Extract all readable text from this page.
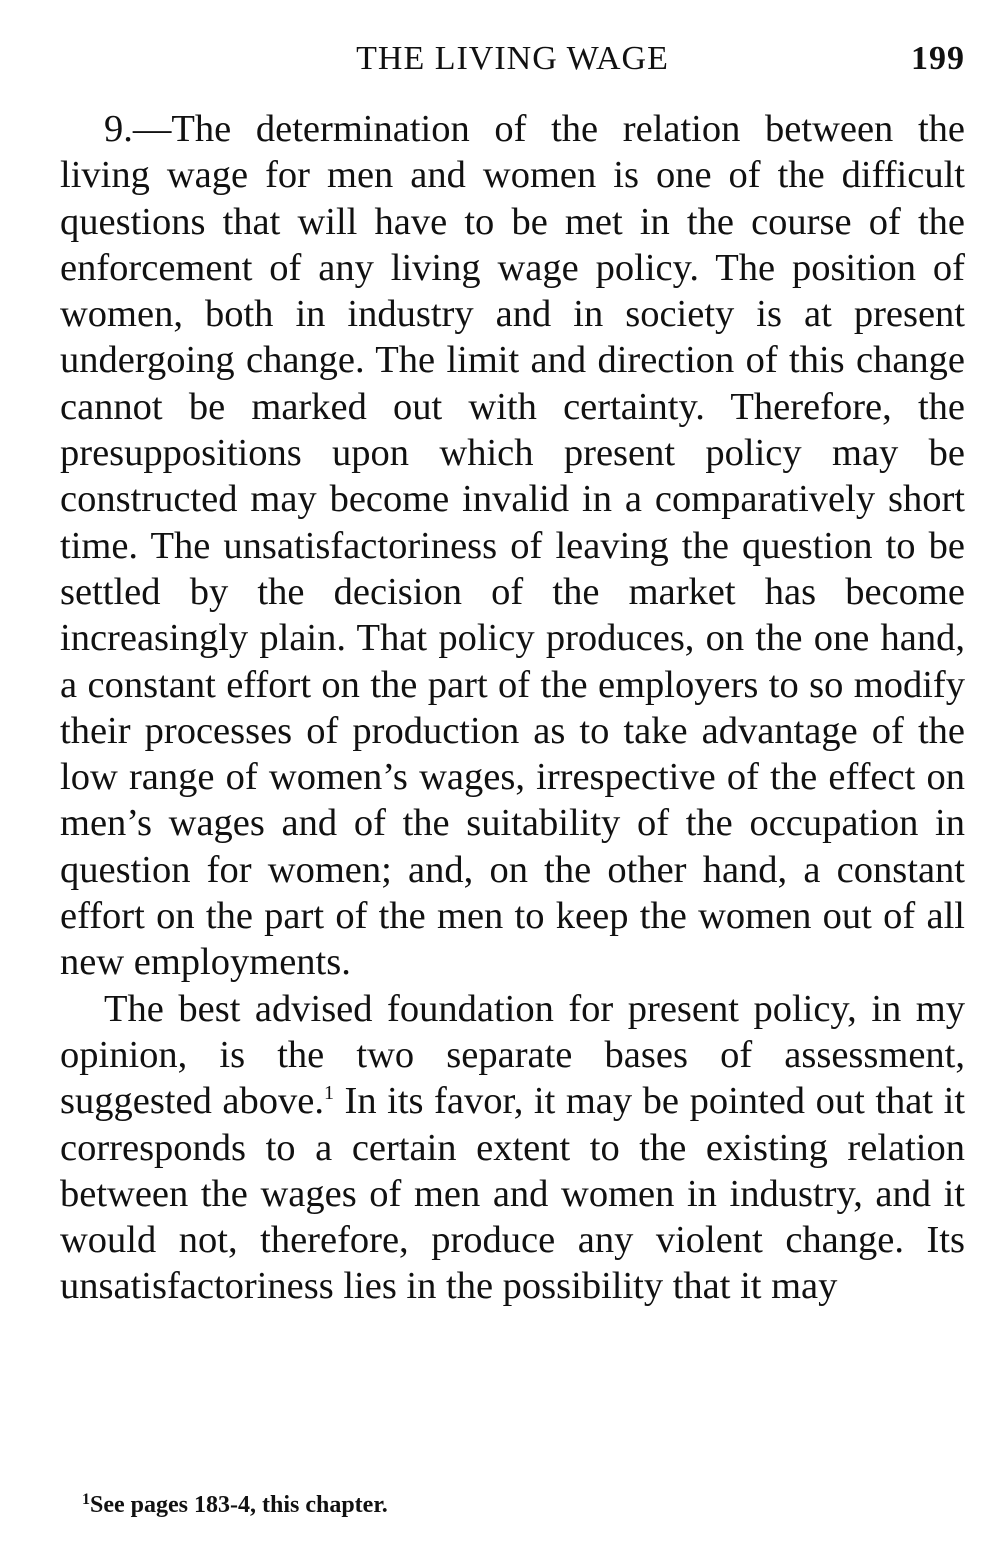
THE LIVING WAGE	199

9.—The determination of the relation between the living wage for men and women is one of the difficult questions that will have to be met in the course of the enforcement of any living wage policy. The position of women, both in industry and in society is at present undergoing change. The limit and direction of this change cannot be marked out with certainty. Therefore, the presuppositions upon which present policy may be constructed may become invalid in a comparatively short time. The unsatisfactoriness of leaving the question to be settled by the decision of the market has become increasingly plain. That policy produces, on the one hand, a constant effort on the part of the employers to so modify their processes of production as to take advantage of the low range of women’s wages, irrespective of the effect on men’s wages and of the suitability of the occupation in question for women; and, on the other hand, a constant effort on the part of the men to keep the women out of all new employments.

The best advised foundation for present policy, in my opinion, is the two separate bases of assessment, suggested above.$^1$ In its favor, it may be pointed out that it corresponds to a certain extent to the existing relation between the wages of men and women in industry, and it would not, therefore, produce any violent change. Its unsatisfactoriness lies in the possibility that it may

$^1$See pages 183-4, this chapter.
